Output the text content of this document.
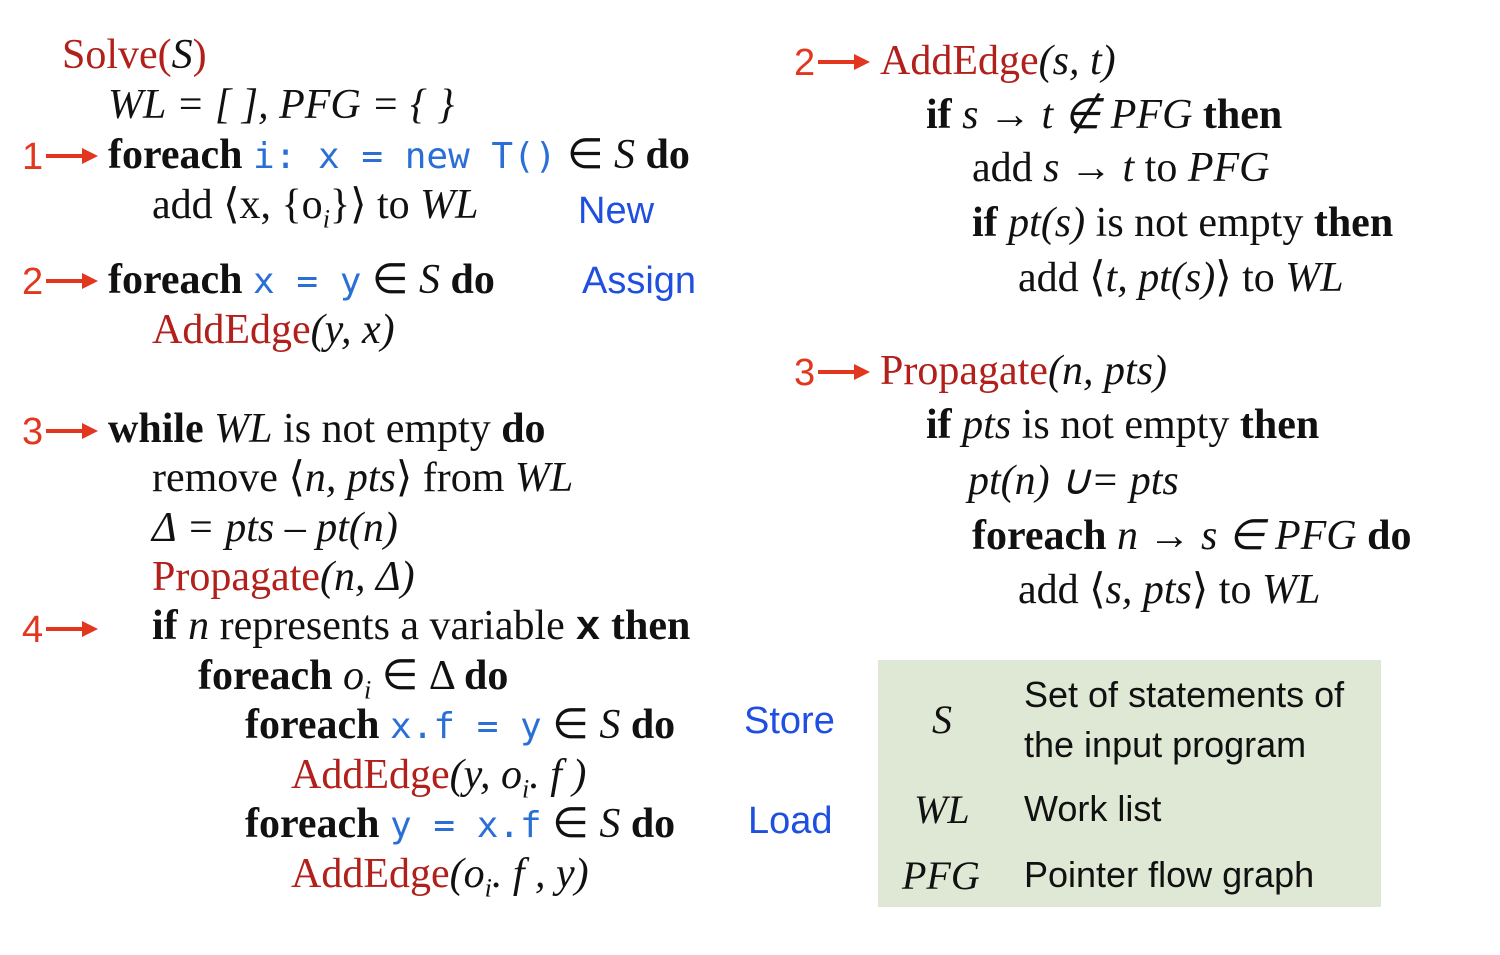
Solve(S)
WL = [ ], PFG = { }
1 foreach i: x = new T() ∈ S do
add ⟨x, $\{o_i\}⟩$ to WL	New
2 foreach x = y ∈ S do Assign
AddEdge(y, x)
3 while WL is not empty do
remove ⟨n, pts⟩ from WL
Δ = pts – pt(n)
Propagate(n, Δ)
4	if n represents a variable x then
foreach $o_i$ ∈ Δ do
foreach x.f = y ∈ S do Store
AddEdge(y, $o_i$. f )
foreach y = x.f ∈ S do Load
$AddEdge(o_i$. f , y)
2 AddEdge(s, t)
if s → t ∉ PFG then
add s → t to PFG
if pt(s) is not empty then
add ⟨t, pt(s)⟩ to WL
3 Propagate(n, pts)
if pts is not empty then
pt(n) ∪= pts
foreach n → s ∈ PFG do
add ⟨s, pts⟩ to WL
S
Set of statements of
the input program
WL Work list
PFG Pointer flow graph
